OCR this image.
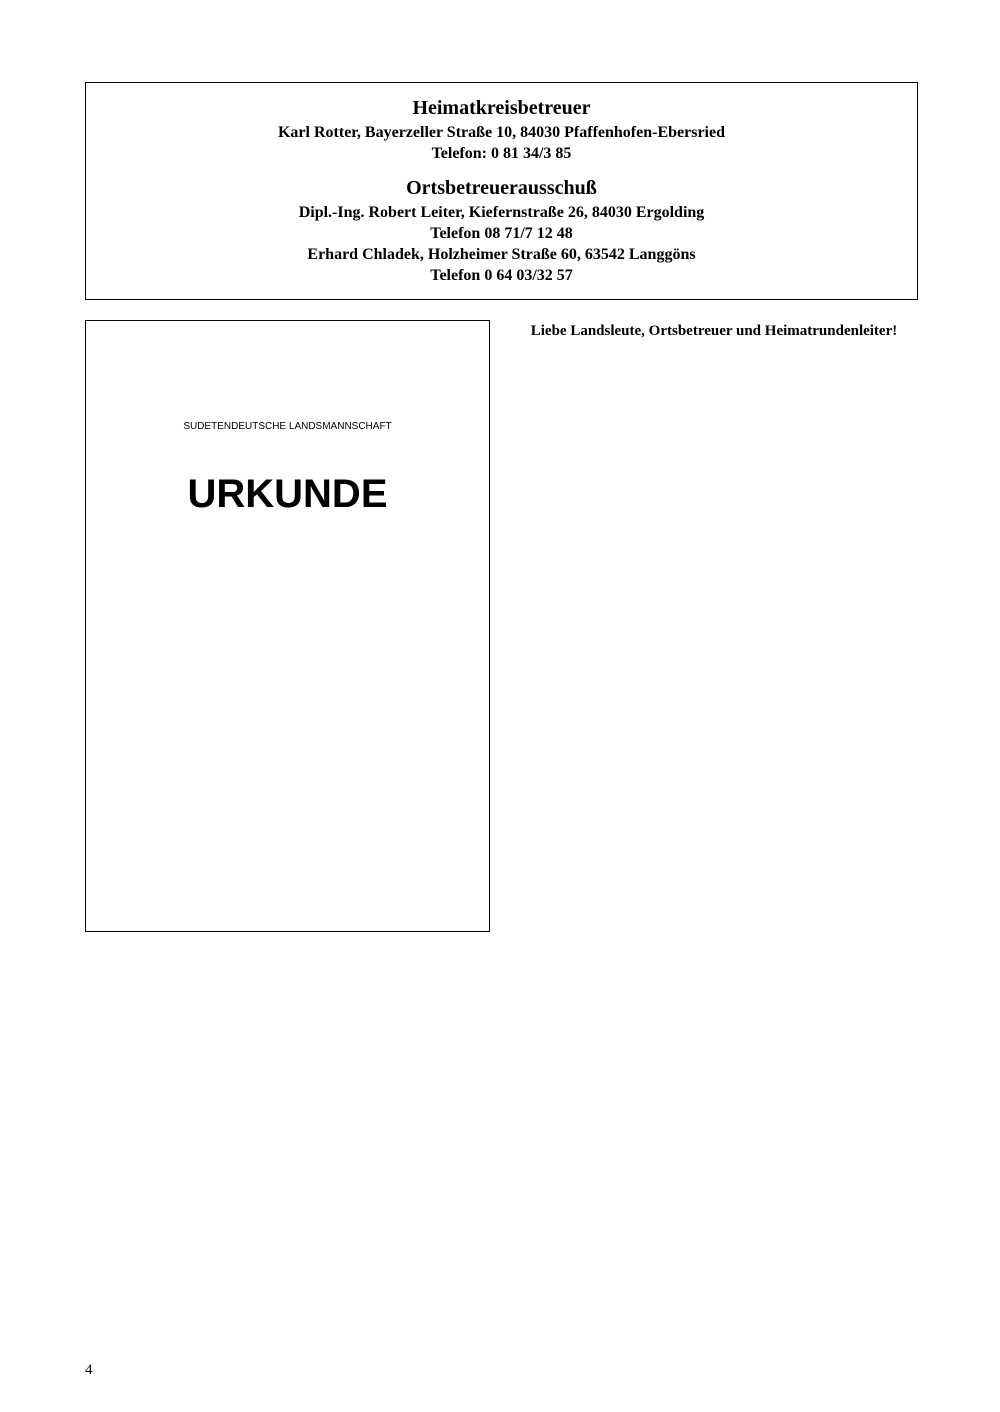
Heimatkreisbetreuer

Karl Rotter, Bayerzeller Straße 10, 84030 Pfaffenhofen-Ebersried

Telefon: 0 81 34/3 85

Ortsbetreuerausschuß

Dipl.-Ing. Robert Leiter, Kiefernstraße 26, 84030 Ergolding

Telefon 08 71/7 12 48

Erhard Chladek, Holzheimer Straße 60, 63542 Langgöns

Telefon 0 64 03/32 57

SUDETENDEUTSCHE LANDSMANNSCHAFT
URKUNDE
Liebe Landsleute, Ortsbetreuer und Heimatrundenleiter!
4
